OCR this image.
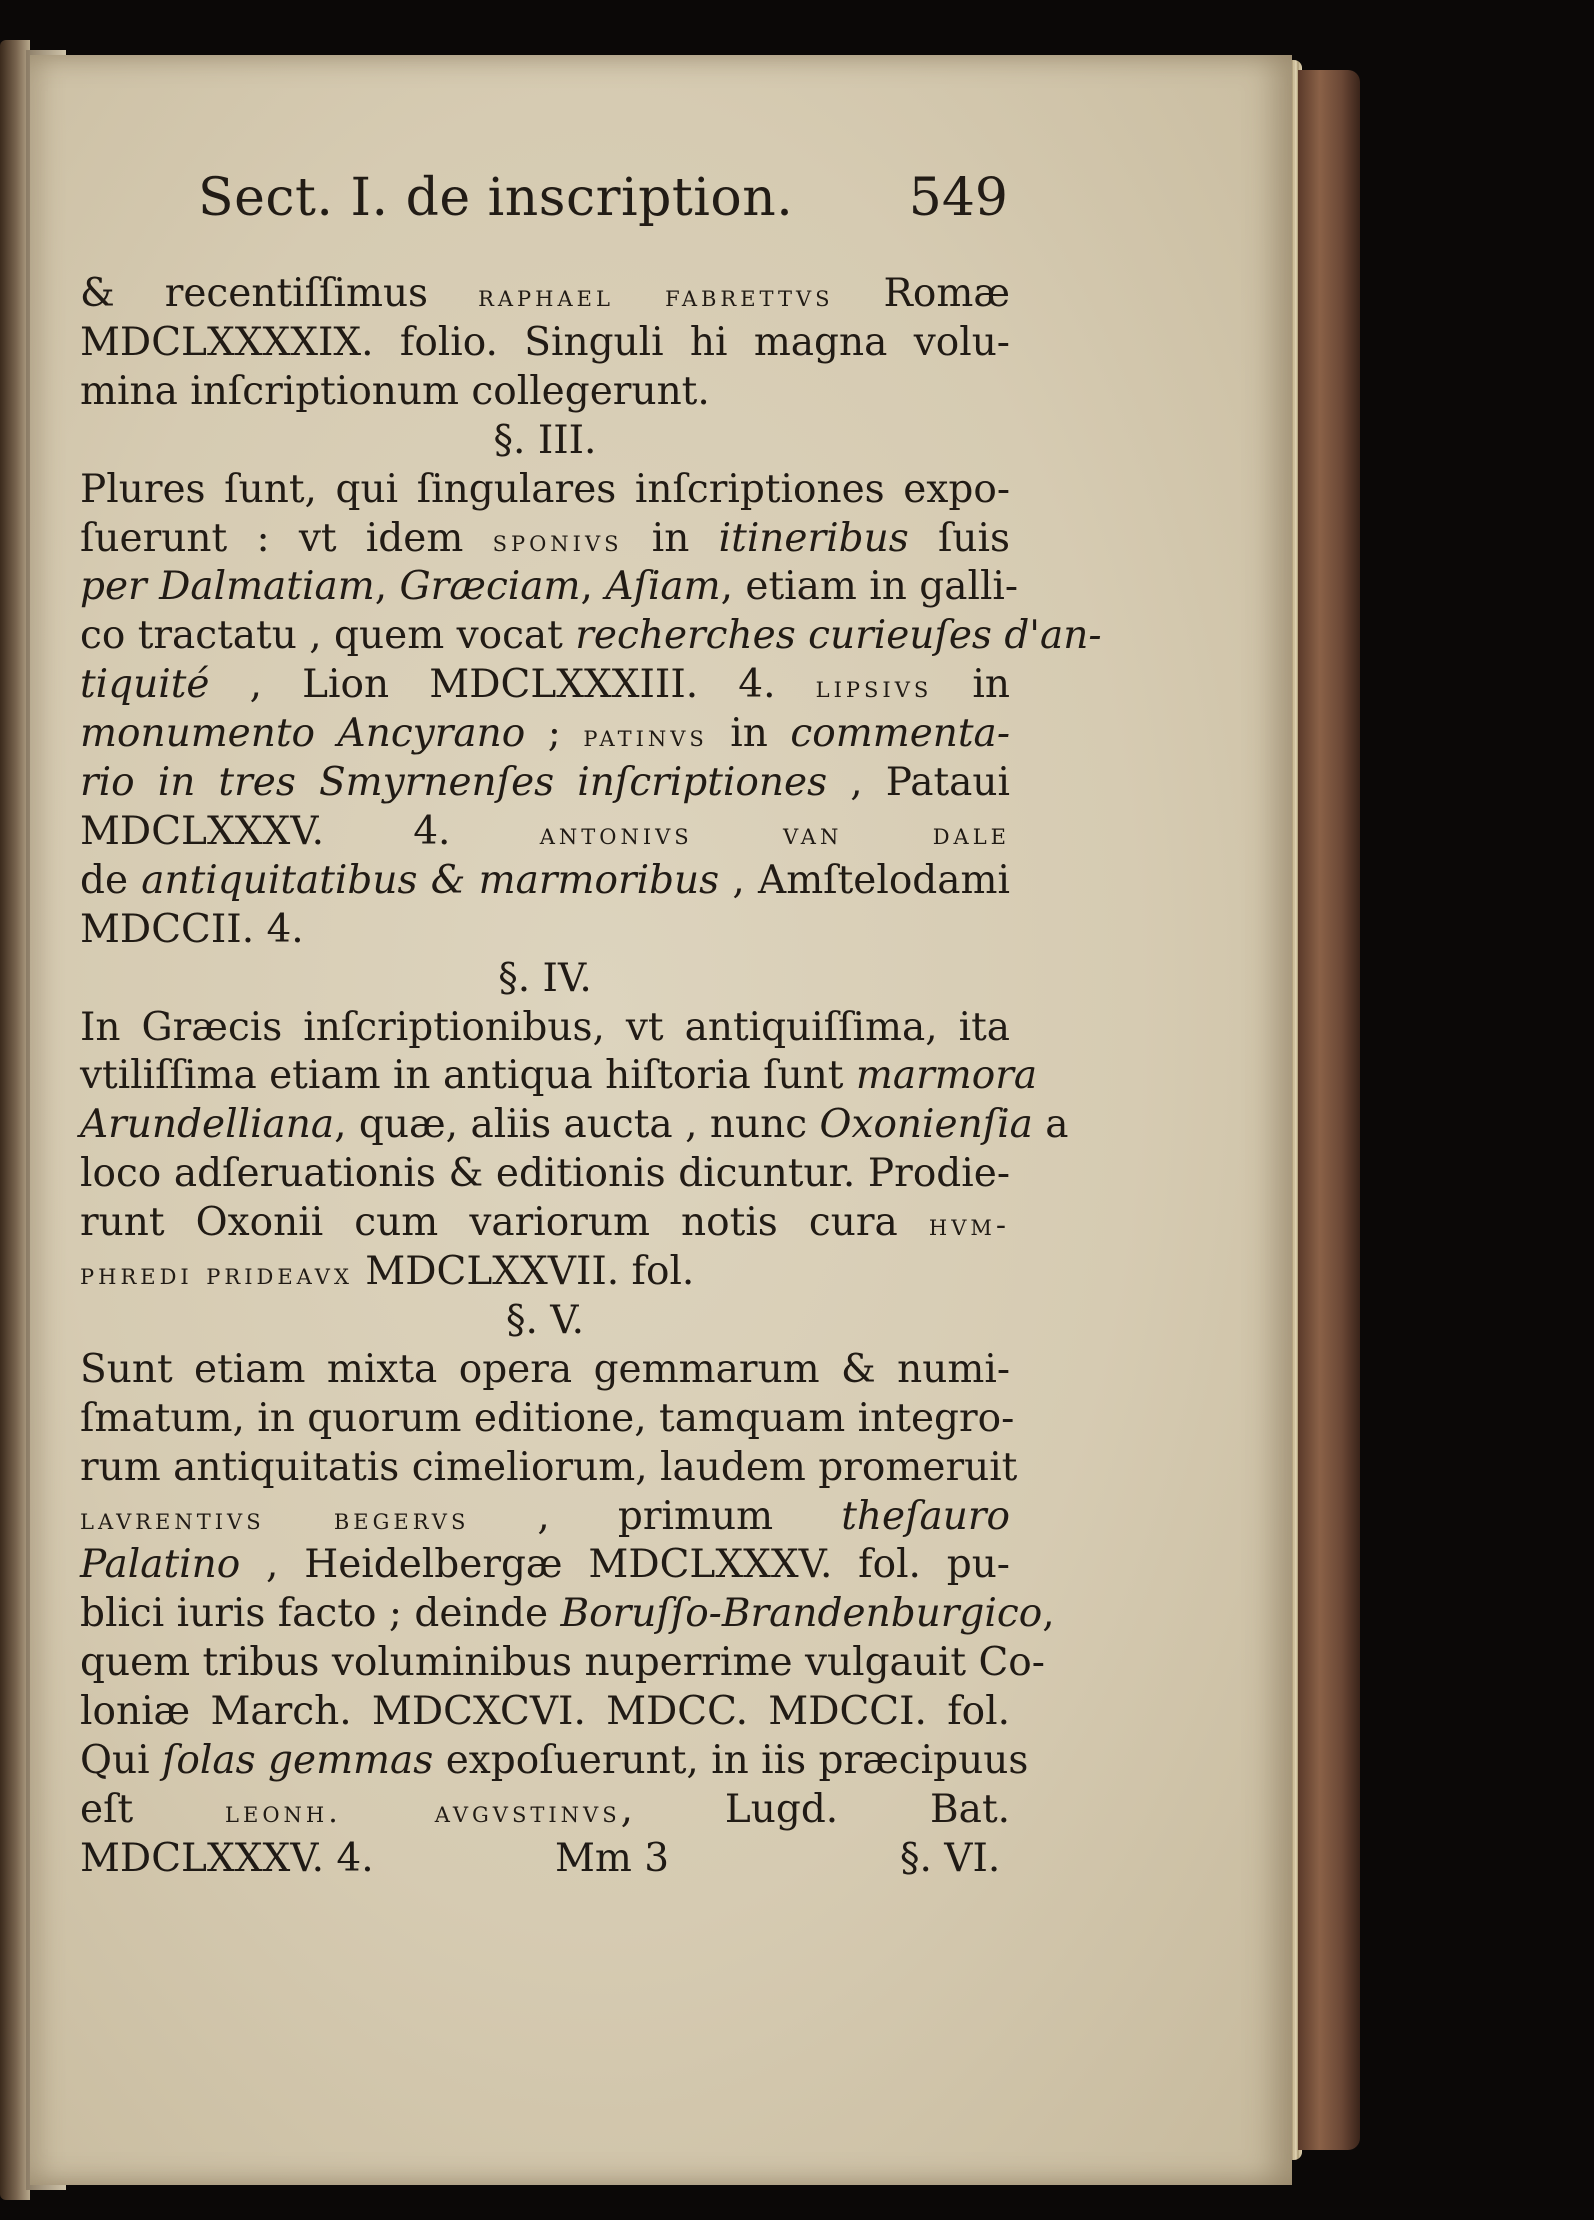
Sect. I. de inscription. 549
& recentiſſimus raphael fabrettvs Romæ
MDCLXXXXIX. folio. Singuli hi magna volu-
mina inſcriptionum collegerunt.
§. III.
Plures ſunt, qui ſingulares inſcriptiones expo-
ſuerunt : vt idem sponivs in itineribus ſuis
per Dalmatiam, Græciam, Aſiam, etiam in galli-
co tractatu , quem vocat recherches curieuſes d'an-
tiquité , Lion MDCLXXXIII. 4. lipsivs in
monumento Ancyrano ; patinvs in commenta-
rio in tres Smyrnenſes inſcriptiones , Pataui
MDCLXXXV. 4. antonivs van dale
de antiquitatibus & marmoribus , Amſtelodami
MDCCII. 4.
§. IV.
In Græcis inſcriptionibus, vt antiquiſſima, ita
vtiliſſima etiam in antiqua hiſtoria ſunt marmora
Arundelliana, quæ, aliis aucta , nunc Oxonienſia a
loco adſeruationis & editionis dicuntur. Prodie-
runt Oxonii cum variorum notis cura hvm-
phredi prideavx MDCLXXVII. fol.
§. V.
Sunt etiam mixta opera gemmarum & numi-
ſmatum, in quorum editione, tamquam integro-
rum antiquitatis cimeliorum, laudem promeruit
lavrentivs begervs , primum theſauro
Palatino , Heidelbergæ MDCLXXXV. fol. pu-
blici iuris facto ; deinde Boruſſo-Brandenburgico,
quem tribus voluminibus nuperrime vulgauit Co-
loniæ March. MDCXCVI. MDCC. MDCCI. fol.
Qui ſolas gemmas expoſuerunt, in iis præcipuus
eſt leonh. avgvstinvs, Lugd. Bat.
MDCLXXXV. 4.	Mm 3	§. VI.
